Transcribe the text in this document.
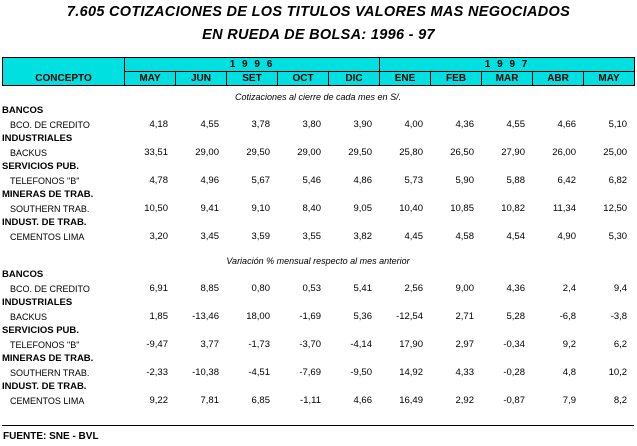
7.605 COTIZACIONES DE LOS TITULOS VALORES MAS NEGOCIADOS
EN RUEDA DE BOLSA: 1996 - 97
CONCEPTO	1 9 9 6					1 9 9 7				
	MAY	JUN	SET	OCT	DIC	ENE	FEB	MAR	ABR	MAY
Cotizaciones al cierre de cada mes en S/.										
BANCOS										
BCO. DE CREDITO	4,18	4,55	3,78	3,80	3,90	4,00	4,36	4,55	4,66	5,10
INDUSTRIALES										
BACKUS	33,51	29,00	29,50	29,00	29,50	25,80	26,50	27,90	26,00	25,00
SERVICIOS PUB.										
TELEFONOS "B"	4,78	4,96	5,67	5,46	4,86	5,73	5,90	5,88	6,42	6,82
MINERAS DE TRAB.										
SOUTHERN TRAB.	10,50	9,41	9,10	8,40	9,05	10,40	10,85	10,82	11,34	12,50
INDUST. DE TRAB.										
CEMENTOS LIMA	3,20	3,45	3,59	3,55	3,82	4,45	4,58	4,54	4,90	5,30

Variación % mensual respecto al mes anterior										
BANCOS										
BCO. DE CREDITO	6,91	8,85	0,80	0,53	5,41	2,56	9,00	4,36	2,4	9,4
INDUSTRIALES										
BACKUS	1,85	-13,46	18,00	-1,69	5,36	-12,54	2,71	5,28	-6,8	-3,8
SERVICIOS PUB.										
TELEFONOS "B"	-9,47	3,77	-1,73	-3,70	-4,14	17,90	2,97	-0,34	9,2	6,2
MINERAS DE TRAB.										
SOUTHERN TRAB.	-2,33	-10,38	-4,51	-7,69	-9,50	14,92	4,33	-0,28	4,8	10,2
INDUST. DE TRAB.										
CEMENTOS LIMA	9,22	7,81	6,85	-1,11	4,66	16,49	2,92	-0,87	7,9	8,2
FUENTE: SNE - BVL
